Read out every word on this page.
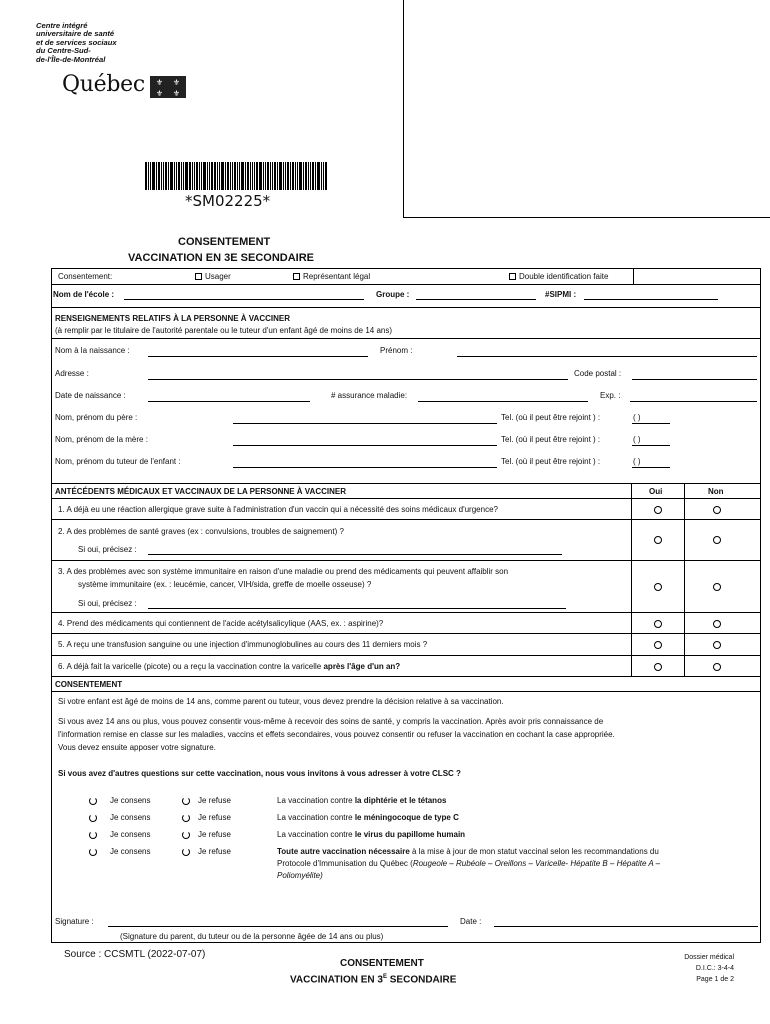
Centre intégré
universitaire de santé
et de services sociaux
du Centre-Sud-
de-l'Île-de-Montréal
Québec	⚜	⚜
⚜	⚜
*SM02225*
CONSENTEMENT
VACCINATION EN 3E SECONDAIRE
Consentement:	Usager	Représentant légal	Double identification faite
Nom de l'école :	Groupe :	#SIPMI :
RENSEIGNEMENTS RELATIFS À LA PERSONNE À VACCINER
(à remplir par le titulaire de l'autorité parentale ou le tuteur d'un enfant âgé de moins de 14 ans)
Nom à la naissance :	Prénom :
Adresse :	Code postal :
Date de naissance :	# assurance maladie:	Exp. :
Nom, prénom du père :	Tel. (où il peut être rejoint ) :	( )
Nom, prénom de la mère :	Tel. (où il peut être rejoint ) :	( )
Nom, prénom du tuteur de l'enfant :	Tel. (où il peut être rejoint ) :	( )
ANTÉCÉDENTS MÉDICAUX ET VACCINAUX DE LA PERSONNE À VACCINER	Oui	Non
1. A déjà eu une réaction allergique grave suite à l'administration d'un vaccin qui a nécessité des soins médicaux d'urgence?
2. A des problèmes de santé graves (ex : convulsions, troubles de saignement) ?
Si oui, précisez :
3. A des problèmes avec son système immunitaire en raison d'une maladie ou prend des médicaments qui peuvent affaiblir son
système immunitaire (ex. : leucémie, cancer, VIH/sida, greffe de moelle osseuse) ?
Si oui, précisez :
4. Prend des médicaments qui contiennent de l'acide acétylsalicylique (AAS, ex. : aspirine)?
5. A reçu une transfusion sanguine ou une injection d'immunoglobulines au cours des 11 derniers mois ?
6. A déjà fait la varicelle (picote) ou a reçu la vaccination contre la varicelle après l'âge d'un an?
CONSENTEMENT
Si votre enfant est âgé de moins de 14 ans, comme parent ou tuteur, vous devez prendre la décision relative à sa vaccination.
Si vous avez 14 ans ou plus, vous pouvez consentir vous-même à recevoir des soins de santé, y compris la vaccination. Après avoir pris connaissance de
l'information remise en classe sur les maladies, vaccins et effets secondaires, vous pouvez consentir ou refuser la vaccination en cochant la case appropriée.
Vous devez ensuite apposer votre signature.
Si vous avez d'autres questions sur cette vaccination, nous vous invitons à vous adresser à votre CLSC ?
Je consens	Je refuse	La vaccination contre la diphtérie et le tétanos
Je consens	Je refuse	La vaccination contre le méningocoque de type C
Je consens	Je refuse	La vaccination contre le virus du papillome humain
Je consens	Je refuse	Toute autre vaccination nécessaire à la mise à jour de mon statut vaccinal selon les recommandations du
Protocole d'Immunisation du Québec (Rougeole – Rubéole – Oreillons – Varicelle- Hépatite B – Hépatite A –
Poliomyélite)
Signature :	Date :
(Signature du parent, du tuteur ou de la personne âgée de 14 ans ou plus)
Source : CCSMTL (2022-07-07)
CONSENTEMENT
VACCINATION EN $3^E$ SECONDAIRE
Dossier médical
D.I.C.: 3-4-4
Page 1 de 2
